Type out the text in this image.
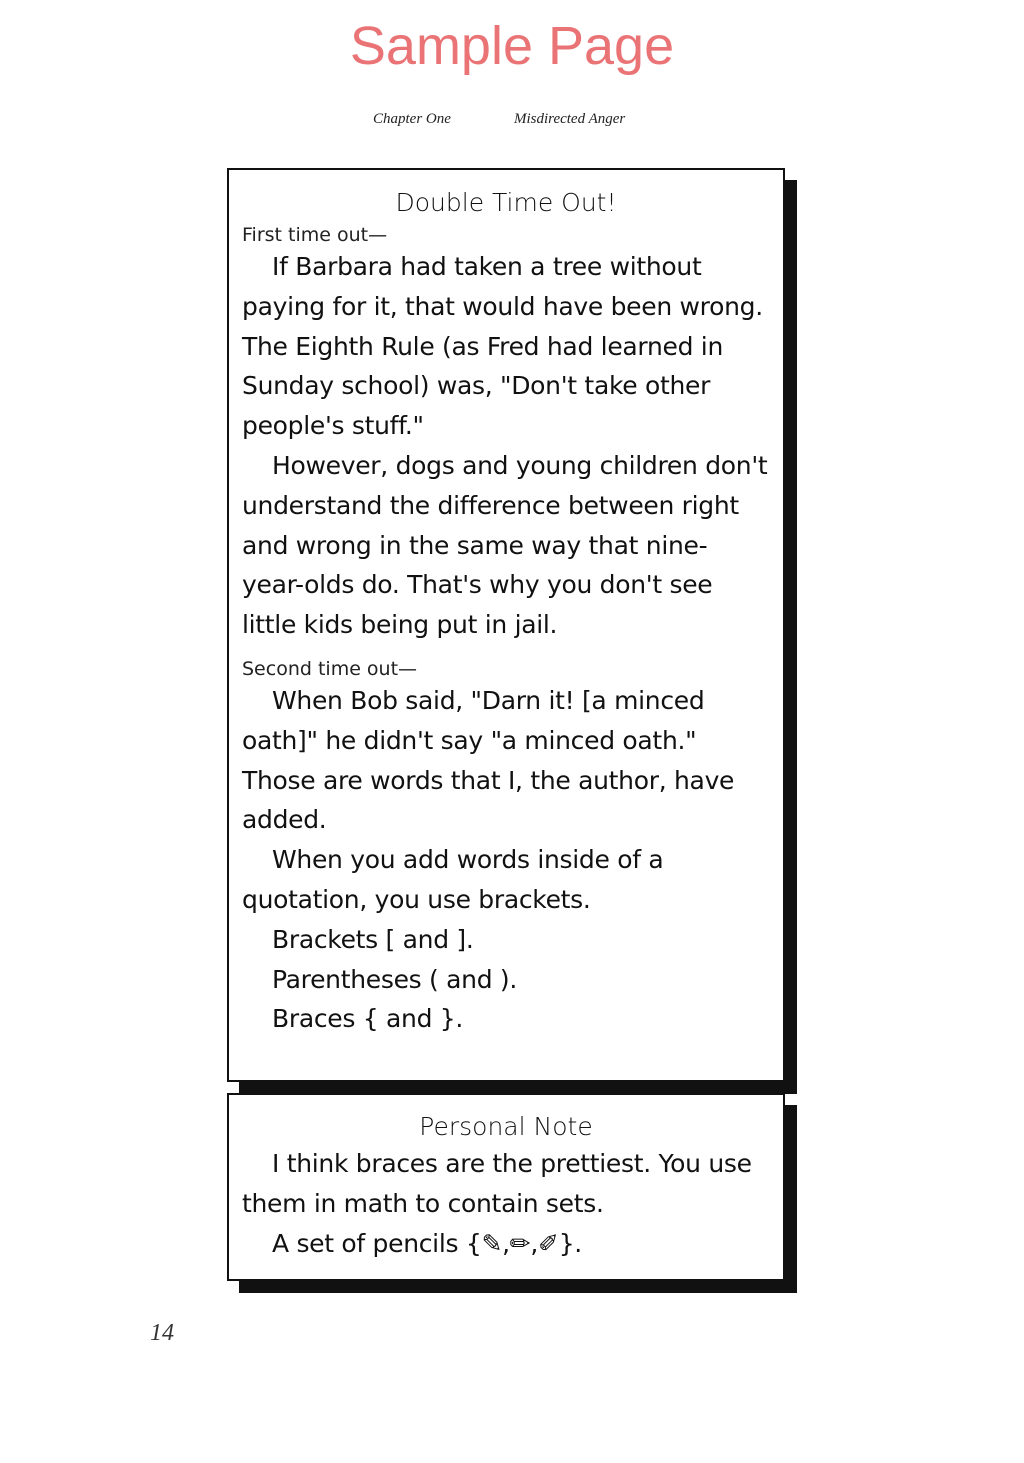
Sample Page
Chapter One	Misdirected Anger
Double Time Out!
First time out—

If Barbara had taken a tree without paying for it, that would have been wrong. The Eighth Rule (as Fred had learned in Sunday school) was, "Don't take other people's stuff."

However, dogs and young children don't understand the difference between right and wrong in the same way that nine-year-olds do. That's why you don't see little kids being put in jail.

Second time out—

When Bob said, "Darn it! [a minced oath]" he didn't say "a minced oath." Those are words that I, the author, have added.

When you add words inside of a quotation, you use brackets.

Brackets [ and ].

Parentheses ( and ).

Braces { and }.

Personal Note

I think braces are the prettiest. You use them in math to contain sets.

A set of pencils {✎,✏,✐}.

14
